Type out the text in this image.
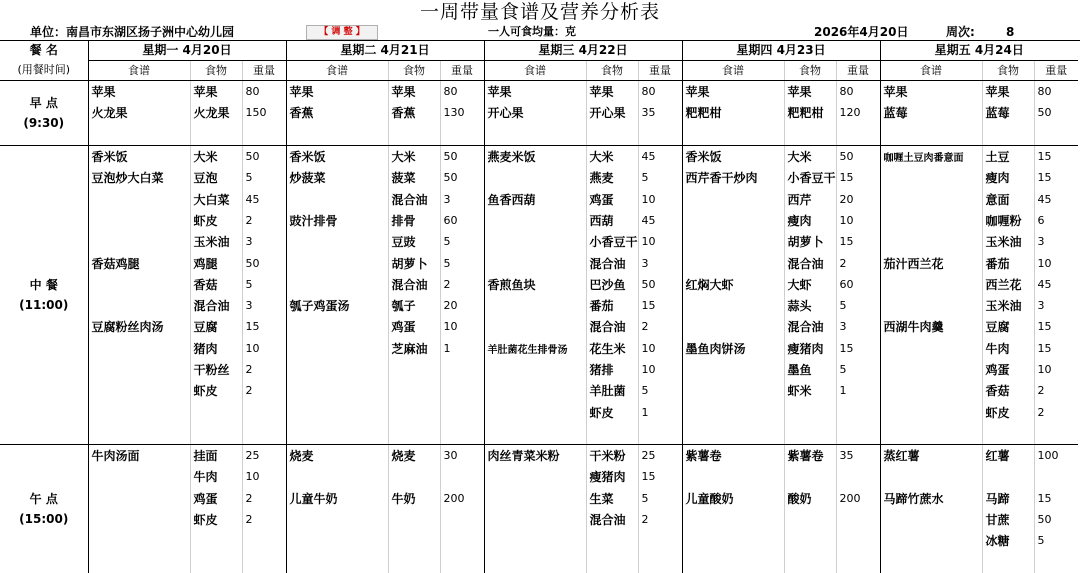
一周带量食谱及营养分析表
单位：南昌市东湖区扬子洲中心幼儿园	【 调 整 】	一人可食均量：克	2026年4月20日	周次:	8
餐 名	星期一 4月20日			星期二 4月21日			星期三 4月22日			星期四 4月23日			星期五 4月24日		
(用餐时间)	食谱	食物	重量	食谱	食物	重量	食谱	食物	重量	食谱	食物	重量	食谱	食物	重量

早 点
(9:30)	苹果	苹果	80	苹果	苹果	80	苹果	苹果	80	苹果	苹果	80	苹果	苹果	80
	火龙果	火龙果	150	香蕉	香蕉	130	开心果	开心果	35	粑粑柑	粑粑柑	120	蓝莓	蓝莓	50

中 餐
(11:00)	香米饭	大米	50	香米饭	大米	50	燕麦米饭	大米	45	香米饭	大米	50	咖喱土豆肉番意面	土豆	15
	豆泡炒大白菜	豆泡	5	炒菠菜	菠菜	50		燕麦	5	西芹香干炒肉	小香豆干	15		瘦肉	15
		大白菜	45		混合油	3	鱼香西葫	鸡蛋	10		西芹	20		意面	45
		虾皮	2	豉汁排骨	排骨	60		西葫	45		瘦肉	10		咖喱粉	6
		玉米油	3		豆豉	5		小香豆干	10		胡萝卜	15		玉米油	3
	香菇鸡腿	鸡腿	50		胡萝卜	5		混合油	3		混合油	2	茄汁西兰花	番茄	10
		香菇	5		混合油	2	香煎鱼块	巴沙鱼	50	红焖大虾	大虾	60		西兰花	45
		混合油	3	瓠子鸡蛋汤	瓠子	20		番茄	15		蒜头	5		玉米油	3
	豆腐粉丝肉汤	豆腐	15		鸡蛋	10		混合油	2		混合油	3	西湖牛肉羹	豆腐	15
		猪肉	10		芝麻油	1	羊肚菌花生排骨汤	花生米	10	墨鱼肉饼汤	瘦猪肉	15		牛肉	15
		干粉丝	2					猪排	10		墨鱼	5		鸡蛋	10
		虾皮	2					羊肚菌	5		虾米	1		香菇	2
								虾皮	1					虾皮	2

午 点
(15:00)	牛肉汤面	挂面	25	烧麦	烧麦	30	肉丝青菜米粉	干米粉	25	紫薯卷	紫薯卷	35	蒸红薯	红薯	100
		牛肉	10					瘦猪肉	15						
		鸡蛋	2	儿童牛奶	牛奶	200		生菜	5	儿童酸奶	酸奶	200	马蹄竹蔗水	马蹄	15
		虾皮	2					混合油	2					甘蔗	50
														冰糖	5
